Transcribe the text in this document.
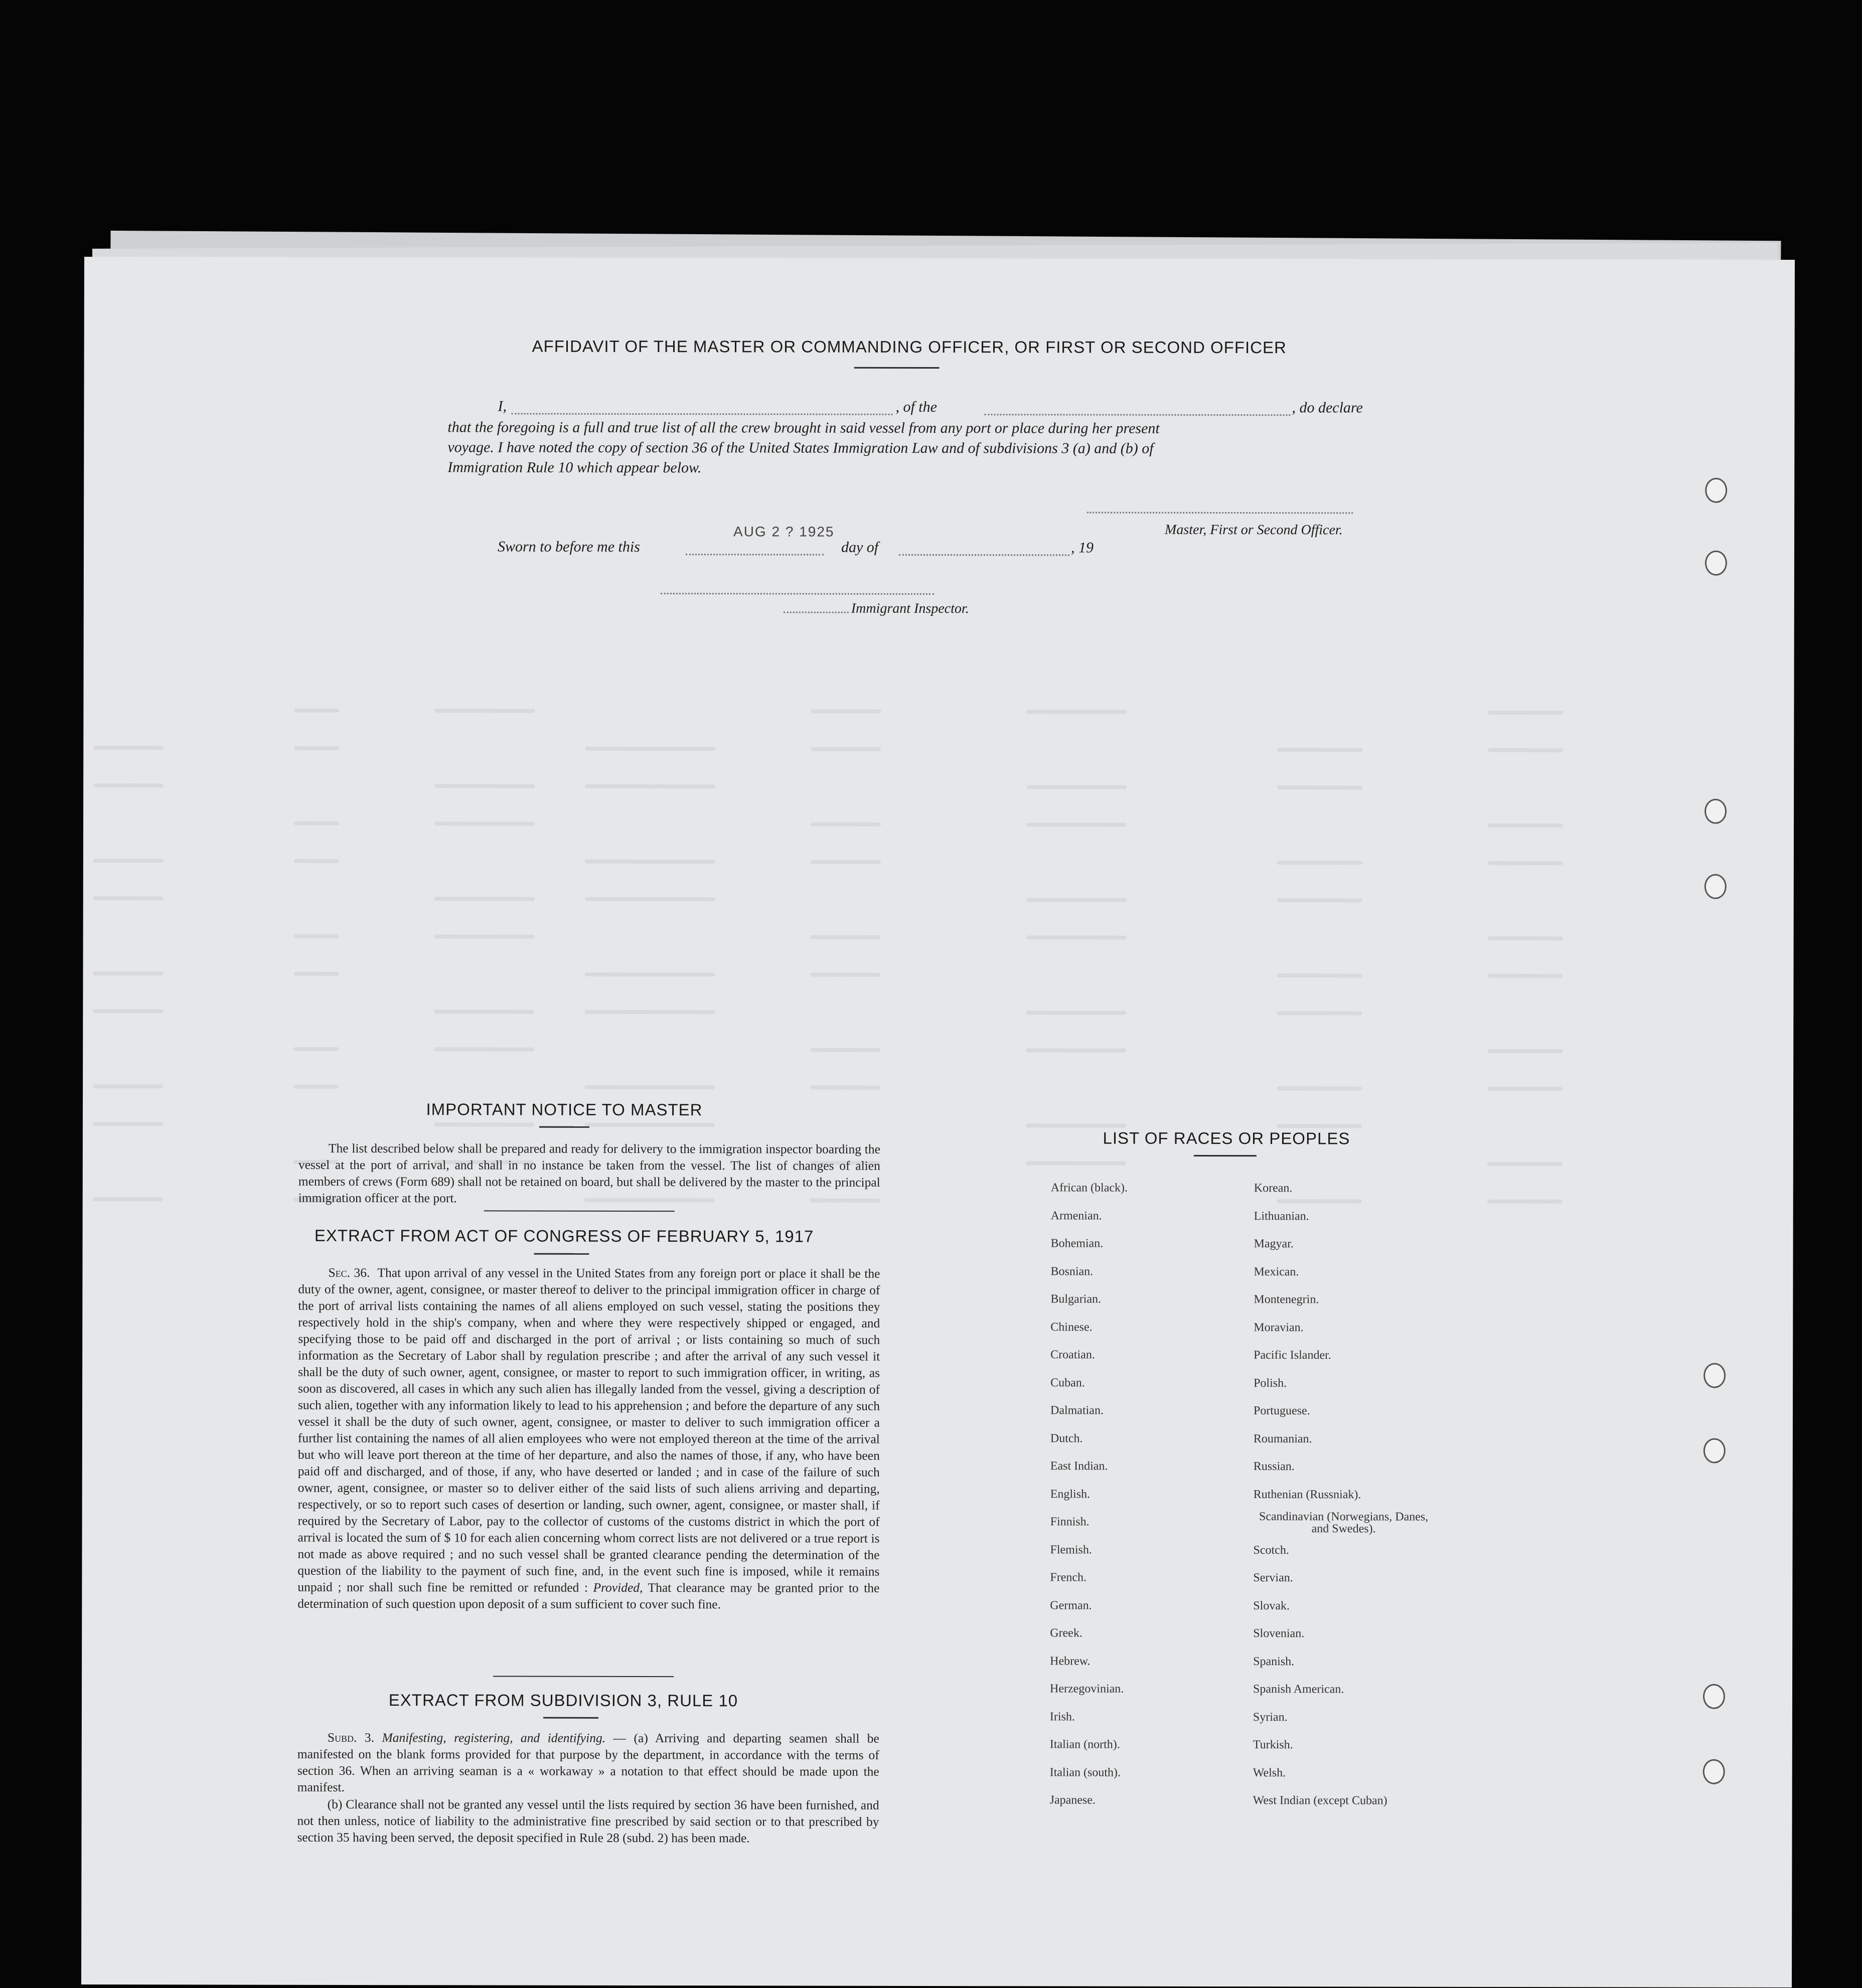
AFFIDAVIT OF THE MASTER OR COMMANDING OFFICER, OR FIRST OR SECOND OFFICER
I,	, of the	, do declare
that the foregoing is a full and true list of all the crew brought in said vessel from any port or place during her present
voyage. I have noted the copy of section 36 of the United States Immigration Law and of subdivisions 3 (a) and (b) of
Immigration Rule 10 which appear below.
Master, First or Second Officer.
AUG 2 ? 1925
Sworn to before me this	day of	, 19
Immigrant Inspector.
IMPORTANT NOTICE TO MASTER
The list described below shall be prepared and ready for delivery to the immigration inspector boarding the vessel at the port of arrival, and shall in no instance be taken from the vessel. The list of changes of alien members of crews (Form 689) shall not be retained on board, but shall be delivered by the master to the principal immigration officer at the port.
EXTRACT FROM ACT OF CONGRESS OF FEBRUARY 5, 1917
Sec. 36. That upon arrival of any vessel in the United States from any foreign port or place it shall be the duty of the owner, agent, consignee, or master thereof to deliver to the principal immigration officer in charge of the port of arrival lists containing the names of all aliens employed on such vessel, stating the positions they respectively hold in the ship's company, when and where they were respectively shipped or engaged, and specifying those to be paid off and discharged in the port of arrival ; or lists containing so much of such information as the Secretary of Labor shall by regulation prescribe ; and after the arrival of any such vessel it shall be the duty of such owner, agent, consignee, or master to report to such immigration officer, in writing, as soon as discovered, all cases in which any such alien has illegally landed from the vessel, giving a description of such alien, together with any information likely to lead to his apprehension ; and before the departure of any such vessel it shall be the duty of such owner, agent, consignee, or master to deliver to such immigration officer a further list containing the names of all alien employees who were not employed thereon at the time of the arrival but who will leave port thereon at the time of her departure, and also the names of those, if any, who have been paid off and discharged, and of those, if any, who have deserted or landed ; and in case of the failure of such owner, agent, consignee, or master so to deliver either of the said lists of such aliens arriving and departing, respectively, or so to report such cases of desertion or landing, such owner, agent, consignee, or master shall, if required by the Secretary of Labor, pay to the collector of customs of the customs district in which the port of arrival is located the sum of $ 10 for each alien concerning whom correct lists are not delivered or a true report is not made as above required ; and no such vessel shall be granted clearance pending the determination of the question of the liability to the payment of such fine, and, in the event such fine is imposed, while it remains unpaid ; nor shall such fine be remitted or refunded : Provided, That clearance may be granted prior to the determination of such question upon deposit of a sum sufficient to cover such fine.
EXTRACT FROM SUBDIVISION 3, RULE 10
Subd. 3. Manifesting, registering, and identifying. — (a) Arriving and departing seamen shall be manifested on the blank forms provided for that purpose by the department, in accordance with the terms of section 36. When an arriving seaman is a « workaway » a notation to that effect should be made upon the manifest.
(b) Clearance shall not be granted any vessel until the lists required by section 36 have been furnished, and not then unless, notice of liability to the administrative fine prescribed by said section or to that prescribed by section 35 having been served, the deposit specified in Rule 28 (subd. 2) has been made.
LIST OF RACES OR PEOPLES
African (black).
Armenian.
Bohemian.
Bosnian.
Bulgarian.
Chinese.
Croatian.
Cuban.
Dalmatian.
Dutch.
East Indian.
English.
Finnish.
Flemish.
French.
German.
Greek.
Hebrew.
Herzegovinian.
Irish.
Italian (north).
Italian (south).
Japanese.
Korean.
Lithuanian.
Magyar.
Mexican.
Montenegrin.
Moravian.
Pacific Islander.
Polish.
Portuguese.
Roumanian.
Russian.
Ruthenian (Russniak).
Scandinavian (Norwegians, Danes, and Swedes).
Scotch.
Servian.
Slovak.
Slovenian.
Spanish.
Spanish American.
Syrian.
Turkish.
Welsh.
West Indian (except Cuban)
